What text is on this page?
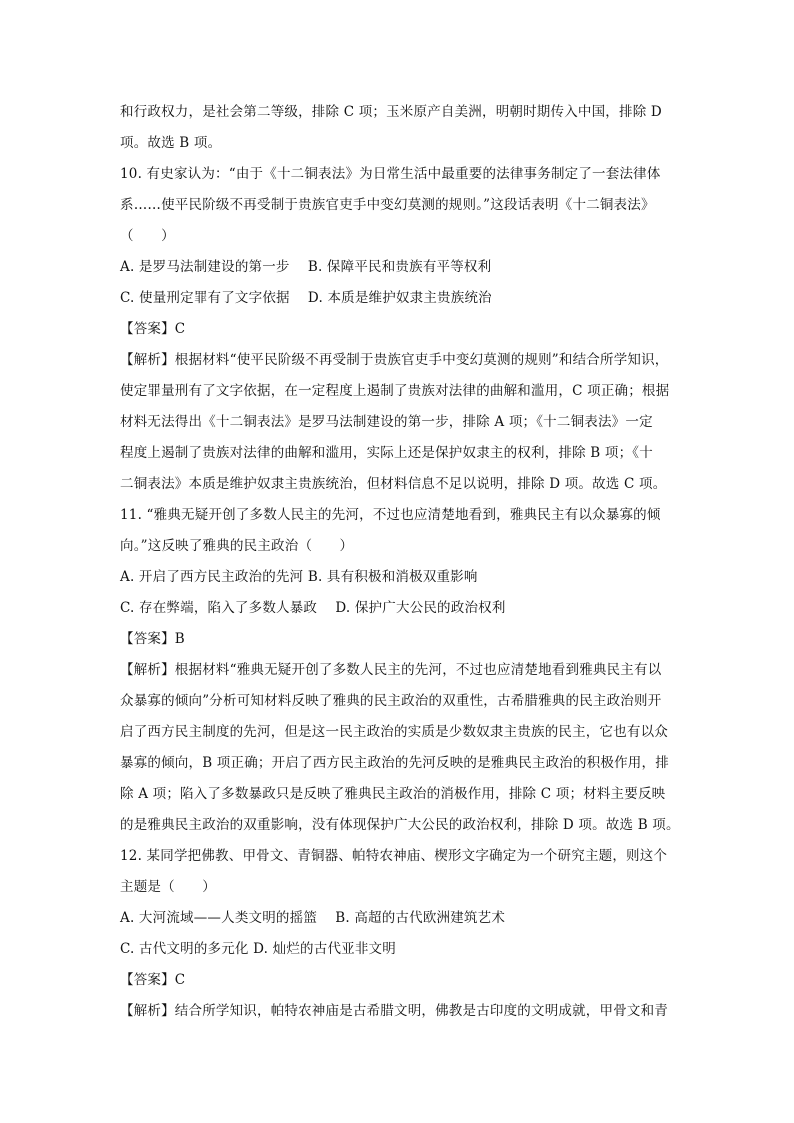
和行政权力，是社会第二等级，排除 C 项；玉米原产自美洲，明朝时期传入中国，排除 D
项。故选 B 项。
10. 有史家认为：“由于《十二铜表法》为日常生活中最重要的法律事务制定了一套法律体
系……使平民阶级不再受制于贵族官吏手中变幻莫测的规则。”这段话表明《十二铜表法》
（　　）
A. 是罗马法制建设的第一步　 B. 保障平民和贵族有平等权利
C. 使量刑定罪有了文字依据　 D. 本质是维护奴隶主贵族统治
【答案】C
【解析】根据材料“使平民阶级不再受制于贵族官吏手中变幻莫测的规则”和结合所学知识，
使定罪量刑有了文字依据，在一定程度上遏制了贵族对法律的曲解和滥用，C 项正确；根据
材料无法得出《十二铜表法》是罗马法制建设的第一步，排除 A 项；《十二铜表法》一定
程度上遏制了贵族对法律的曲解和滥用，实际上还是保护奴隶主的权利，排除 B 项；《十
二铜表法》本质是维护奴隶主贵族统治，但材料信息不足以说明，排除 D 项。故选 C 项。
11. “雅典无疑开创了多数人民主的先河，不过也应清楚地看到，雅典民主有以众暴寡的倾
向。”这反映了雅典的民主政治（　　）
A. 开启了西方民主政治的先河 B. 具有积极和消极双重影响
C. 存在弊端，陷入了多数人暴政　 D. 保护广大公民的政治权利
【答案】B
【解析】根据材料“雅典无疑开创了多数人民主的先河，不过也应清楚地看到雅典民主有以
众暴寡的倾向”分析可知材料反映了雅典的民主政治的双重性，古希腊雅典的民主政治则开
启了西方民主制度的先河，但是这一民主政治的实质是少数奴隶主贵族的民主，它也有以众
暴寡的倾向，B 项正确；开启了西方民主政治的先河反映的是雅典民主政治的积极作用，排
除 A 项；陷入了多数暴政只是反映了雅典民主政治的消极作用，排除 C 项；材料主要反映
的是雅典民主政治的双重影响，没有体现保护广大公民的政治权利，排除 D 项。故选 B 项。
12. 某同学把佛教、甲骨文、青铜器、帕特农神庙、楔形文字确定为一个研究主题，则这个
主题是（　　）
A. 大河流域——人类文明的摇篮　 B. 高超的古代欧洲建筑艺术
C. 古代文明的多元化 D. 灿烂的古代亚非文明
【答案】C
【解析】结合所学知识，帕特农神庙是古希腊文明，佛教是古印度的文明成就，甲骨文和青
